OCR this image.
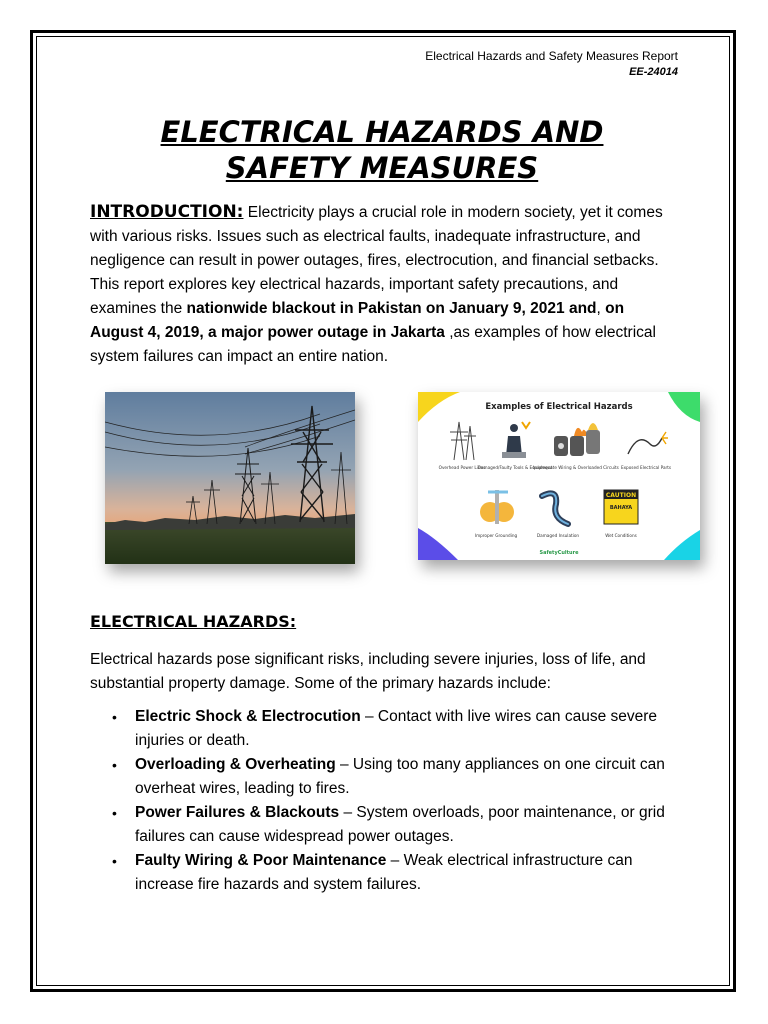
Electrical Hazards and Safety Measures Report
EE-24014
ELECTRICAL HAZARDS AND
SAFETY MEASURES
INTRODUCTION: Electricity plays a crucial role in modern society, yet it comes with various risks. Issues such as electrical faults, inadequate infrastructure, and negligence can result in power outages, fires, electrocution, and financial setbacks. This report explores key electrical hazards, important safety precautions, and examines the nationwide blackout in Pakistan on January 9, 2021 and, on August 4, 2019, a major power outage in Jakarta ,as examples of how electrical system failures can impact an entire nation.
CAUTION
BAHAYA
Examples of Electrical Hazards
Overhead Power Lines
Damaged/Faulty Tools & Equipment
Inadequate Wiring & Overloaded Circuits Exposed Electrical Parts
Improper Grounding	Damaged Insulation	Wet Conditions
SafetyCulture
ELECTRICAL HAZARDS:
Electrical hazards pose significant risks, including severe injuries, loss of life, and substantial property damage. Some of the primary hazards include:
• Electric Shock & Electrocution – Contact with live wires can cause severe injuries or death.
• Overloading & Overheating – Using too many appliances on one circuit can overheat wires, leading to fires.
• Power Failures & Blackouts – System overloads, poor maintenance, or grid failures can cause widespread power outages.
• Faulty Wiring & Poor Maintenance – Weak electrical infrastructure can increase fire hazards and system failures.
